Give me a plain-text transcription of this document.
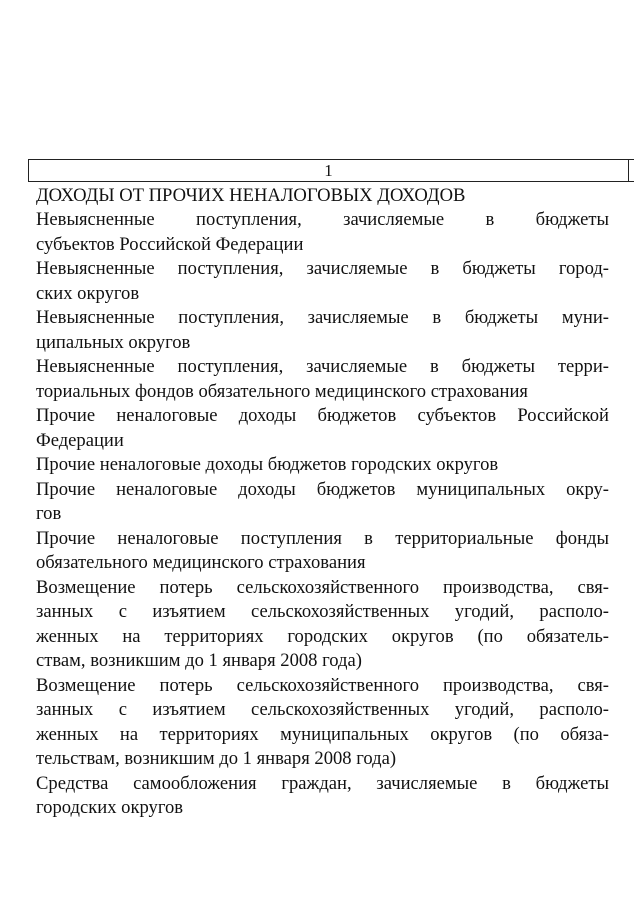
1
ДОХОДЫ ОТ ПРОЧИХ НЕНАЛОГОВЫХ ДОХОДОВ
Невыясненные поступления, зачисляемые в бюджеты
субъектов Российской Федерации
Невыясненные поступления, зачисляемые в бюджеты город-
ских округов
Невыясненные поступления, зачисляемые в бюджеты муни-
ципальных округов
Невыясненные поступления, зачисляемые в бюджеты терри-
ториальных фондов обязательного медицинского страхования
Прочие неналоговые доходы бюджетов субъектов Российской
Федерации
Прочие неналоговые доходы бюджетов городских округов
Прочие неналоговые доходы бюджетов муниципальных окру-
гов
Прочие неналоговые поступления в территориальные фонды
обязательного медицинского страхования
Возмещение потерь сельскохозяйственного производства, свя-
занных с изъятием сельскохозяйственных угодий, располо-
женных на территориях городских округов (по обязатель-
ствам, возникшим до 1 января 2008 года)
Возмещение потерь сельскохозяйственного производства, свя-
занных с изъятием сельскохозяйственных угодий, располо-
женных на территориях муниципальных округов (по обяза-
тельствам, возникшим до 1 января 2008 года)
Средства самообложения граждан, зачисляемые в бюджеты
городских округов
